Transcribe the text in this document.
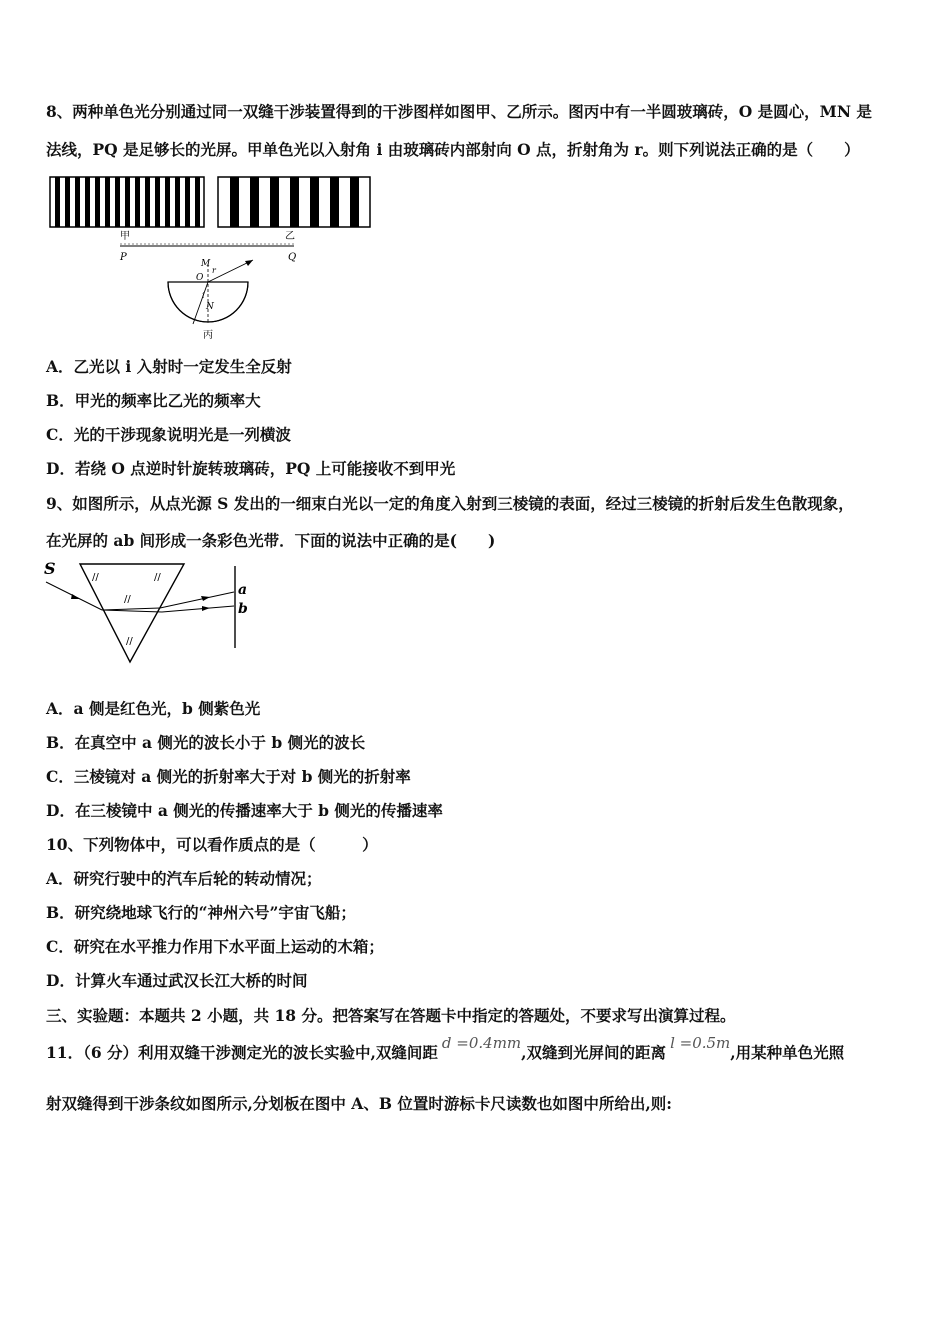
8、两种单色光分别通过同一双缝干涉装置得到的干涉图样如图甲、乙所示。图丙中有一半圆玻璃砖，O 是圆心，MN 是
法线，PQ 是足够长的光屏。甲单色光以入射角 i 由玻璃砖内部射向 O 点，折射角为 r。则下列说法正确的是（　　）
甲	乙
P	Q
M
r
O
i
N
丙
A．乙光以 i 入射时一定发生全反射
B．甲光的频率比乙光的频率大
C．光的干涉现象说明光是一列横波
D．若绕 O 点逆时针旋转玻璃砖，PQ 上可能接收不到甲光
9、如图所示，从点光源 S 发出的一细束白光以一定的角度入射到三棱镜的表面，经过三棱镜的折射后发生色散现象，
在光屏的 ab 间形成一条彩色光带．下面的说法中正确的是(　　)
S	//	//
//
//
a
b
A．a 侧是红色光，b 侧紫色光
B．在真空中 a 侧光的波长小于 b 侧光的波长
C．三棱镜对 a 侧光的折射率大于对 b 侧光的折射率
D．在三棱镜中 a 侧光的传播速率大于 b 侧光的传播速率
10、下列物体中，可以看作质点的是（　　　）
A．研究行驶中的汽车后轮的转动情况；
B．研究绕地球飞行的“神州六号”宇宙飞船；
C．研究在水平推力作用下水平面上运动的木箱；
D．计算火车通过武汉长江大桥的时间
三、实验题：本题共 2 小题，共 18 分。把答案写在答题卡中指定的答题处，不要求写出演算过程。
11．（6 分）利用双缝干涉测定光的波长实验中,双缝间距 d =0.4mm,双缝到光屏间的距离 l =0.5m,用某种单色光照
射双缝得到干涉条纹如图所示,分划板在图中 A、B 位置时游标卡尺读数也如图中所给出,则:
